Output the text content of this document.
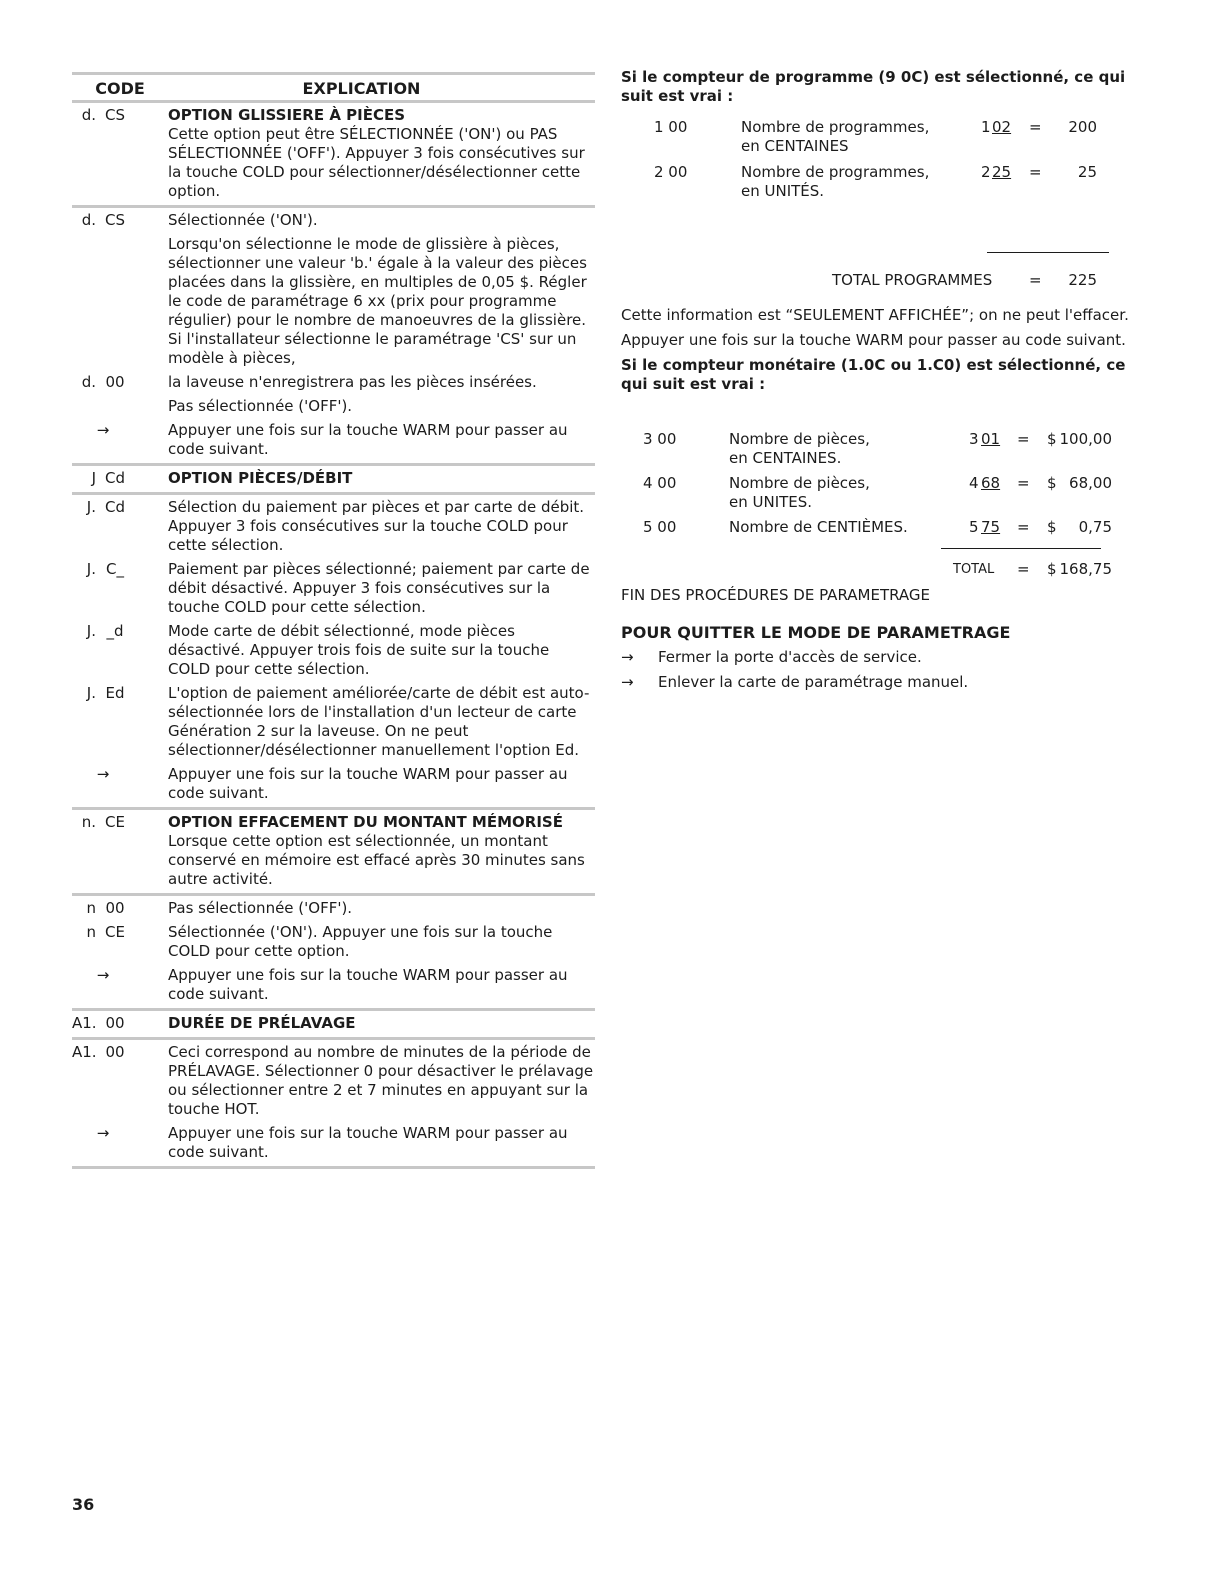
CODE	EXPLICATION
d. CS	OPTION GLISSIERE À PIÈCES
Cette option peut être SÉLECTIONNÉE ('ON') ou PAS SÉLECTIONNÉE ('OFF'). Appuyer 3 fois consécutives sur la touche COLD pour sélectionner/désélectionner cette option.
d. CS	Sélectionnée ('ON').
Lorsqu'on sélectionne le mode de glissière à pièces, sélectionner une valeur 'b.' égale à la valeur des pièces placées dans la glissière, en multiples de 0,05 $. Régler le code de paramétrage 6 xx (prix pour programme régulier) pour le nombre de manoeuvres de la glissière. Si l'installateur sélectionne le paramétrage 'CS' sur un modèle à pièces,
d. 00	la laveuse n'enregistrera pas les pièces insérées.
Pas sélectionnée ('OFF').
→	Appuyer une fois sur la touche WARM pour passer au code suivant.
J Cd	OPTION PIÈCES/DÉBIT
J. Cd	Sélection du paiement par pièces et par carte de débit. Appuyer 3 fois consécutives sur la touche COLD pour cette sélection.
J. C_	Paiement par pièces sélectionné; paiement par carte de débit désactivé. Appuyer 3 fois consécutives sur la touche COLD pour cette sélection.
J. _d	Mode carte de débit sélectionné, mode pièces désactivé. Appuyer trois fois de suite sur la touche COLD pour cette sélection.
J. Ed	L'option de paiement améliorée/carte de débit est auto-sélectionnée lors de l'installation d'un lecteur de carte Génération 2 sur la laveuse. On ne peut sélectionner/désélectionner manuellement l'option Ed.
→	Appuyer une fois sur la touche WARM pour passer au code suivant.
n. CE	OPTION EFFACEMENT DU MONTANT MÉMORISÉ
Lorsque cette option est sélectionnée, un montant conservé en mémoire est effacé après 30 minutes sans autre activité.
n 00	Pas sélectionnée ('OFF').
n CE	Sélectionnée ('ON'). Appuyer une fois sur la touche COLD pour cette option.
→	Appuyer une fois sur la touche WARM pour passer au code suivant.
A1. 00	DURÉE DE PRÉLAVAGE
A1. 00	Ceci correspond au nombre de minutes de la période de PRÉLAVAGE. Sélectionner 0 pour désactiver le prélavage ou sélectionner entre 2 et 7 minutes en appuyant sur la touche HOT.
→	Appuyer une fois sur la touche WARM pour passer au code suivant.
Si le compteur de programme (9 0C) est sélectionné, ce qui suit est vrai :
1 00	Nombre de programmes,
en CENTAINES
1 02 = 200
2 00	Nombre de programmes,
en UNITÉS.
2 25 = 25
TOTAL PROGRAMMES = 225
Cette information est “SEULEMENT AFFICHÉE”; on ne peut l'effacer.
Appuyer une fois sur la touche WARM pour passer au code suivant.
Si le compteur monétaire (1.0C ou 1.C0) est sélectionné, ce qui suit est vrai :
3 00	Nombre de pièces,
en CENTAINES.
3 01 = $ 100,00
4 00	Nombre de pièces,
en UNITES.
4 68 = $ 68,00
5 00	Nombre de CENTIÈMES.	5 75 = $ 0,75
TOTAL = $ 168,75
FIN DES PROCÉDURES DE PARAMETRAGE
POUR QUITTER LE MODE DE PARAMETRAGE
→	Fermer la porte d'accès de service.
→	Enlever la carte de paramétrage manuel.
36
